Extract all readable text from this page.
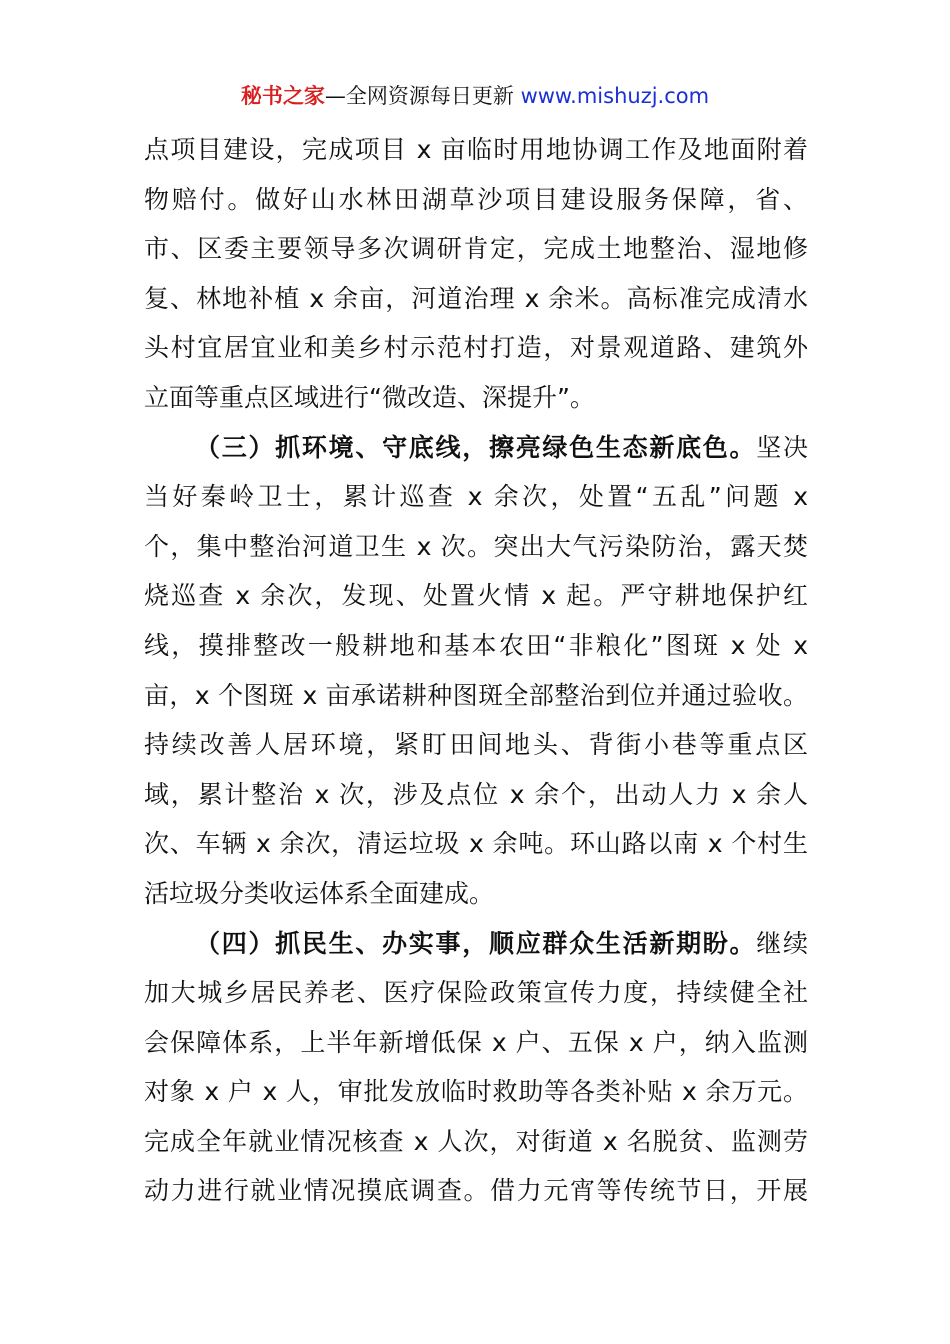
秘书之家—全网资源每日更新 www.mishuzj.com
点项目建设，完成项目 x 亩临时用地协调工作及地面附着
物赔付。做好山水林田湖草沙项目建设服务保障，省、
市、区委主要领导多次调研肯定，完成土地整治、湿地修
复、林地补植 x 余亩，河道治理 x 余米。高标准完成清水
头村宜居宜业和美乡村示范村打造，对景观道路、建筑外
立面等重点区域进行“微改造、深提升”。
（三）抓环境、守底线，擦亮绿色生态新底色。坚决
当好秦岭卫士，累计巡查 x 余次，处置“五乱”问题 x
个，集中整治河道卫生 x 次。突出大气污染防治，露天焚
烧巡查 x 余次，发现、处置火情 x 起。严守耕地保护红
线，摸排整改一般耕地和基本农田“非粮化”图斑 x 处 x
亩，x 个图斑 x 亩承诺耕种图斑全部整治到位并通过验收。
持续改善人居环境，紧盯田间地头、背街小巷等重点区
域，累计整治 x 次，涉及点位 x 余个，出动人力 x 余人
次、车辆 x 余次，清运垃圾 x 余吨。环山路以南 x 个村生
活垃圾分类收运体系全面建成。
（四）抓民生、办实事，顺应群众生活新期盼。继续
加大城乡居民养老、医疗保险政策宣传力度，持续健全社
会保障体系，上半年新增低保 x 户、五保 x 户，纳入监测
对象 x 户 x 人，审批发放临时救助等各类补贴 x 余万元。
完成全年就业情况核查 x 人次，对街道 x 名脱贫、监测劳
动力进行就业情况摸底调查。借力元宵等传统节日，开展
